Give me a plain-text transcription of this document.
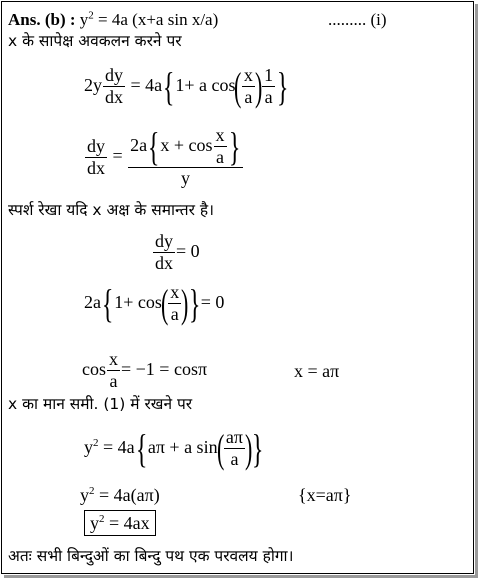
Ans. (b) : $y^2 = 4a$ (x+a sin x/a)	......... (i)
x के सापेक्ष अवकलन करने पर
$2y \frac{dy}{dx} = 4a\{1+ a$ $\cos( \frac{x}{a}$ ) $\frac{1}{a}$ }
$\frac{dy}{dx} = \frac{2a\{x + \cos \frac{x}{a} \}}{y}$
स्पर्श रेखा यदि x अक्ष के समान्तर है।
$\frac{dy}{dx} = 0$
$2a\{1+ \cos( \frac{x}{a}$ )}= 0
$\cos \frac{x}{a} = -1 = \cos\pi$	x = aπ
x का मान समी. (1) में रखने पर
$y^2 = 4a\{a\pi + a$ $\sin( \frac{a\pi}{a}$ )}
$y^2 = 4a(a\pi)$	{x=aπ}
$y^2 = 4ax$
अतः सभी बिन्दुओं का बिन्दु पथ एक परवलय होगा।
